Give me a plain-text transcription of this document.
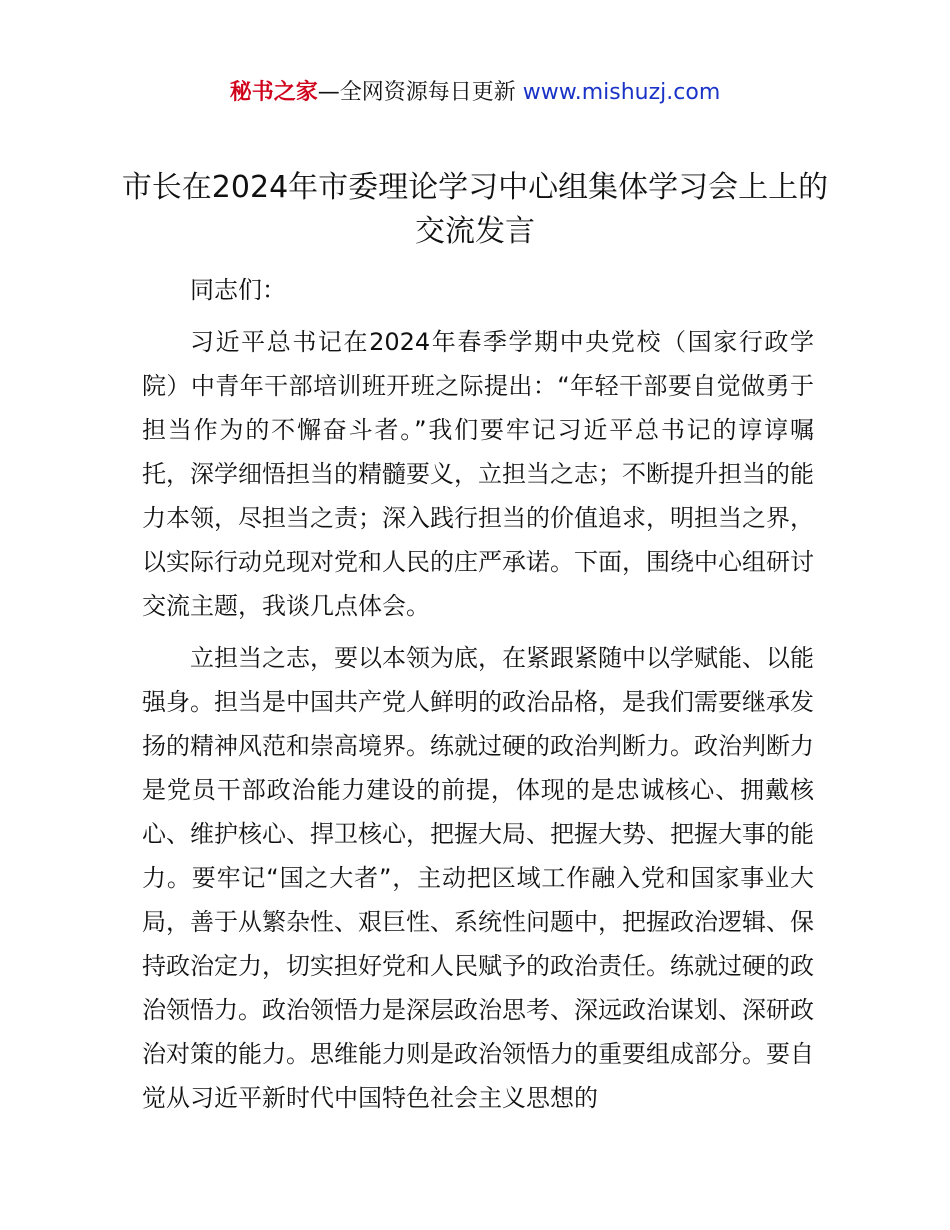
秘书之家—全网资源每日更新 www.mishuzj.com
市长在2024年市委理论学习中心组集体学习会上上的交流发言

同志们：

习近平总书记在2024年春季学期中央党校（国家行政学院）中青年干部培训班开班之际提出：“年轻干部要自觉做勇于担当作为的不懈奋斗者。”我们要牢记习近平总书记的谆谆嘱托，深学细悟担当的精髓要义，立担当之志；不断提升担当的能力本领，尽担当之责；深入践行担当的价值追求，明担当之界，以实际行动兑现对党和人民的庄严承诺。下面，围绕中心组研讨交流主题，我谈几点体会。

立担当之志，要以本领为底，在紧跟紧随中以学赋能、以能强身。担当是中国共产党人鲜明的政治品格，是我们需要继承发扬的精神风范和崇高境界。练就过硬的政治判断力。政治判断力是党员干部政治能力建设的前提，体现的是忠诚核心、拥戴核心、维护核心、捍卫核心，把握大局、把握大势、把握大事的能力。要牢记“国之大者”，主动把区域工作融入党和国家事业大局，善于从繁杂性、艰巨性、系统性问题中，把握政治逻辑、保持政治定力，切实担好党和人民赋予的政治责任。练就过硬的政治领悟力。政治领悟力是深层政治思考、深远政治谋划、深研政治对策的能力。思维能力则是政治领悟力的重要组成部分。要自觉从习近平新时代中国特色社会主义思想的
